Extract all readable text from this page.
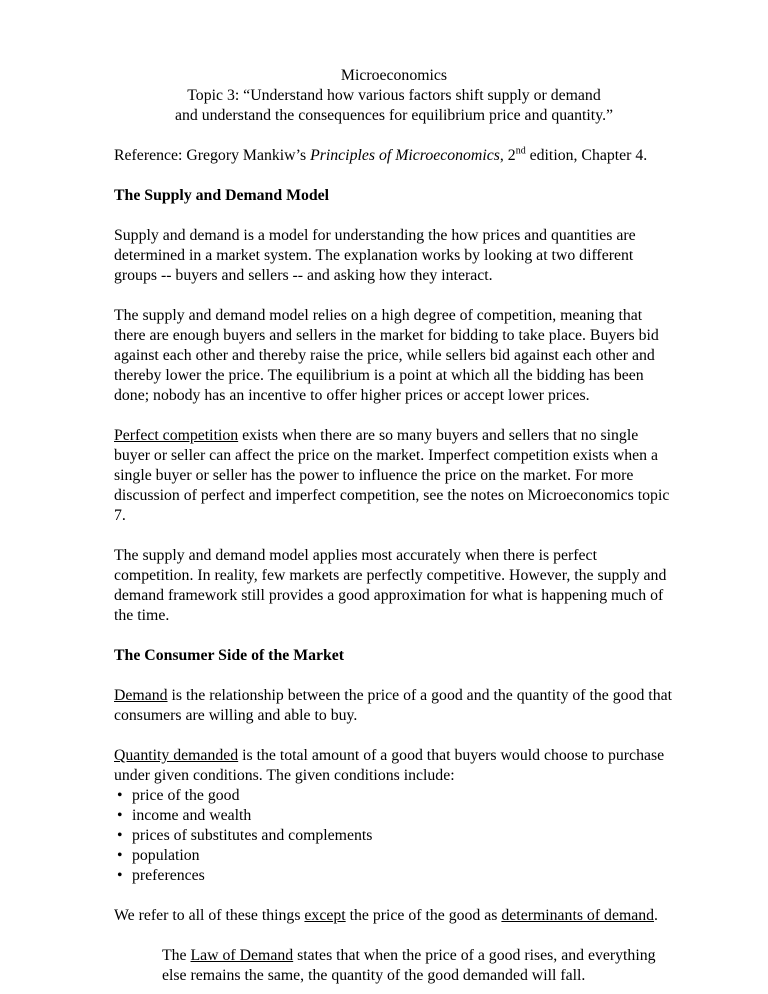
Microeconomics
Topic 3: “Understand how various factors shift supply or demand
and understand the consequences for equilibrium price and quantity.”

Reference: Gregory Mankiw’s Principles of Microeconomics, 2nd edition, Chapter 4.

The Supply and Demand Model

Supply and demand is a model for understanding the how prices and quantities are determined in a market system. The explanation works by looking at two different groups -- buyers and sellers -- and asking how they interact.

The supply and demand model relies on a high degree of competition, meaning that there are enough buyers and sellers in the market for bidding to take place. Buyers bid against each other and thereby raise the price, while sellers bid against each other and thereby lower the price. The equilibrium is a point at which all the bidding has been done; nobody has an incentive to offer higher prices or accept lower prices.

Perfect competition exists when there are so many buyers and sellers that no single buyer or seller can affect the price on the market. Imperfect competition exists when a single buyer or seller has the power to influence the price on the market. For more discussion of perfect and imperfect competition, see the notes on Microeconomics topic 7.

The supply and demand model applies most accurately when there is perfect competition. In reality, few markets are perfectly competitive. However, the supply and demand framework still provides a good approximation for what is happening much of the time.

The Consumer Side of the Market

Demand is the relationship between the price of a good and the quantity of the good that consumers are willing and able to buy.

Quantity demanded is the total amount of a good that buyers would choose to purchase under given conditions. The given conditions include:

• price of the good
• income and wealth
• prices of substitutes and complements
• population
• preferences

We refer to all of these things except the price of the good as determinants of demand.

The Law of Demand states that when the price of a good rises, and everything else remains the same, the quantity of the good demanded will fall.
